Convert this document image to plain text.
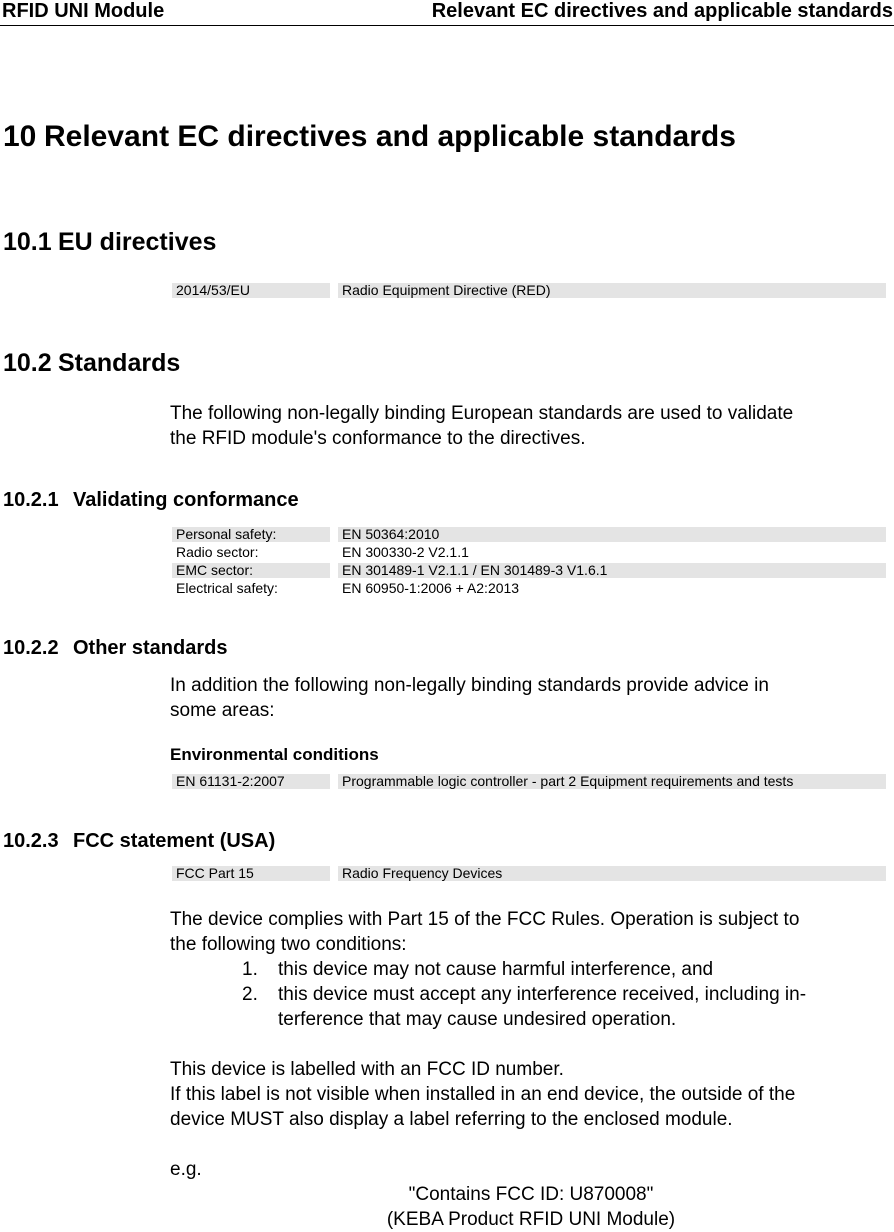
RFID UNI Module	Relevant EC directives and applicable standards
10 Relevant EC directives and applicable standards
10.1 EU directives
2014/53/EU	Radio Equipment Directive (RED)
10.2 Standards
The following non-legally binding European standards are used to validate
the RFID module's conformance to the directives.
10.2.1 Validating conformance
Personal safety:	EN 50364:2010
Radio sector:	EN 300330-2 V2.1.1
EMC sector:	EN 301489-1 V2.1.1 / EN 301489-3 V1.6.1
Electrical safety:	EN 60950-1:2006 + A2:2013
10.2.2 Other standards
In addition the following non-legally binding standards provide advice in
some areas:
Environmental conditions
EN 61131-2:2007	Programmable logic controller - part 2 Equipment requirements and tests
10.2.3 FCC statement (USA)
FCC Part 15	Radio Frequency Devices
The device complies with Part 15 of the FCC Rules. Operation is subject to
the following two conditions:
1. this device may not cause harmful interference, and
2. this device must accept any interference received, including in-
terference that may cause undesired operation.
This device is labelled with an FCC ID number.
If this label is not visible when installed in an end device, the outside of the
device MUST also display a label referring to the enclosed module.
e.g.
"Contains FCC ID: U870008"
(KEBA Product RFID UNI Module)
